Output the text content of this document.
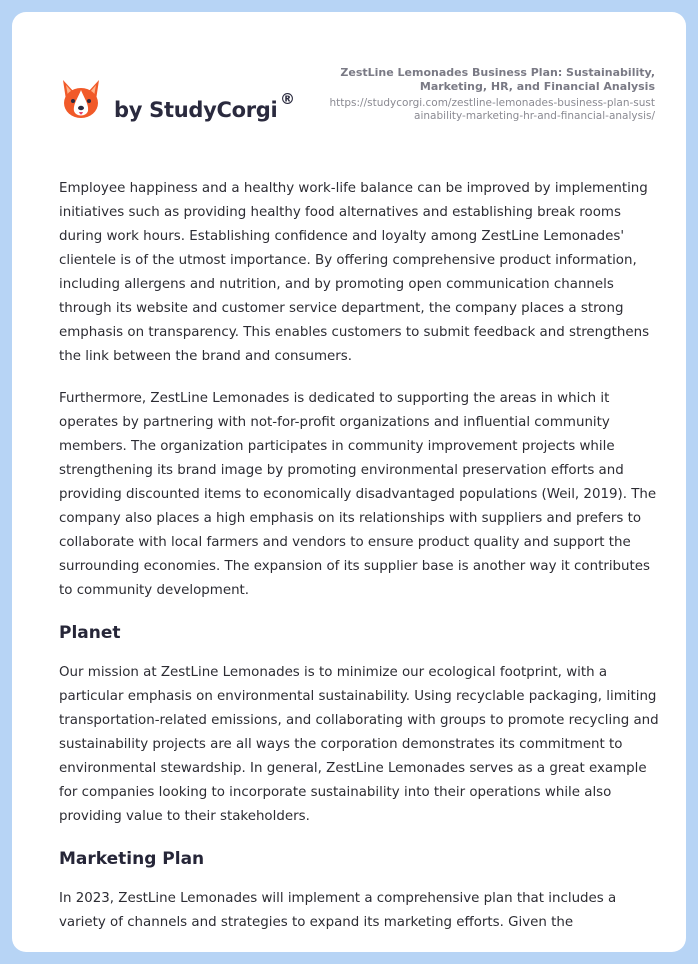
by StudyCorgi ®
ZestLine Lemonades Business Plan: Sustainability, Marketing, HR, and Financial Analysis
https://studycorgi.com/zestline-lemonades-business-plan-sustainability-marketing-hr-and-financial-analysis/

Employee happiness and a healthy work-life balance can be improved by implementing initiatives such as providing healthy food alternatives and establishing break rooms during work hours. Establishing confidence and loyalty among ZestLine Lemonades' clientele is of the utmost importance. By offering comprehensive product information, including allergens and nutrition, and by promoting open communication channels through its website and customer service department, the company places a strong emphasis on transparency. This enables customers to submit feedback and strengthens the link between the brand and consumers.

Furthermore, ZestLine Lemonades is dedicated to supporting the areas in which it operates by partnering with not-for-profit organizations and influential community members. The organization participates in community improvement projects while strengthening its brand image by promoting environmental preservation efforts and providing discounted items to economically disadvantaged populations (Weil, 2019). The company also places a high emphasis on its relationships with suppliers and prefers to collaborate with local farmers and vendors to ensure product quality and support the surrounding economies. The expansion of its supplier base is another way it contributes to community development.

Planet

Our mission at ZestLine Lemonades is to minimize our ecological footprint, with a particular emphasis on environmental sustainability. Using recyclable packaging, limiting transportation-related emissions, and collaborating with groups to promote recycling and sustainability projects are all ways the corporation demonstrates its commitment to environmental stewardship. In general, ZestLine Lemonades serves as a great example for companies looking to incorporate sustainability into their operations while also providing value to their stakeholders.

Marketing Plan

In 2023, ZestLine Lemonades will implement a comprehensive plan that includes a variety of channels and strategies to expand its marketing efforts. Given the
